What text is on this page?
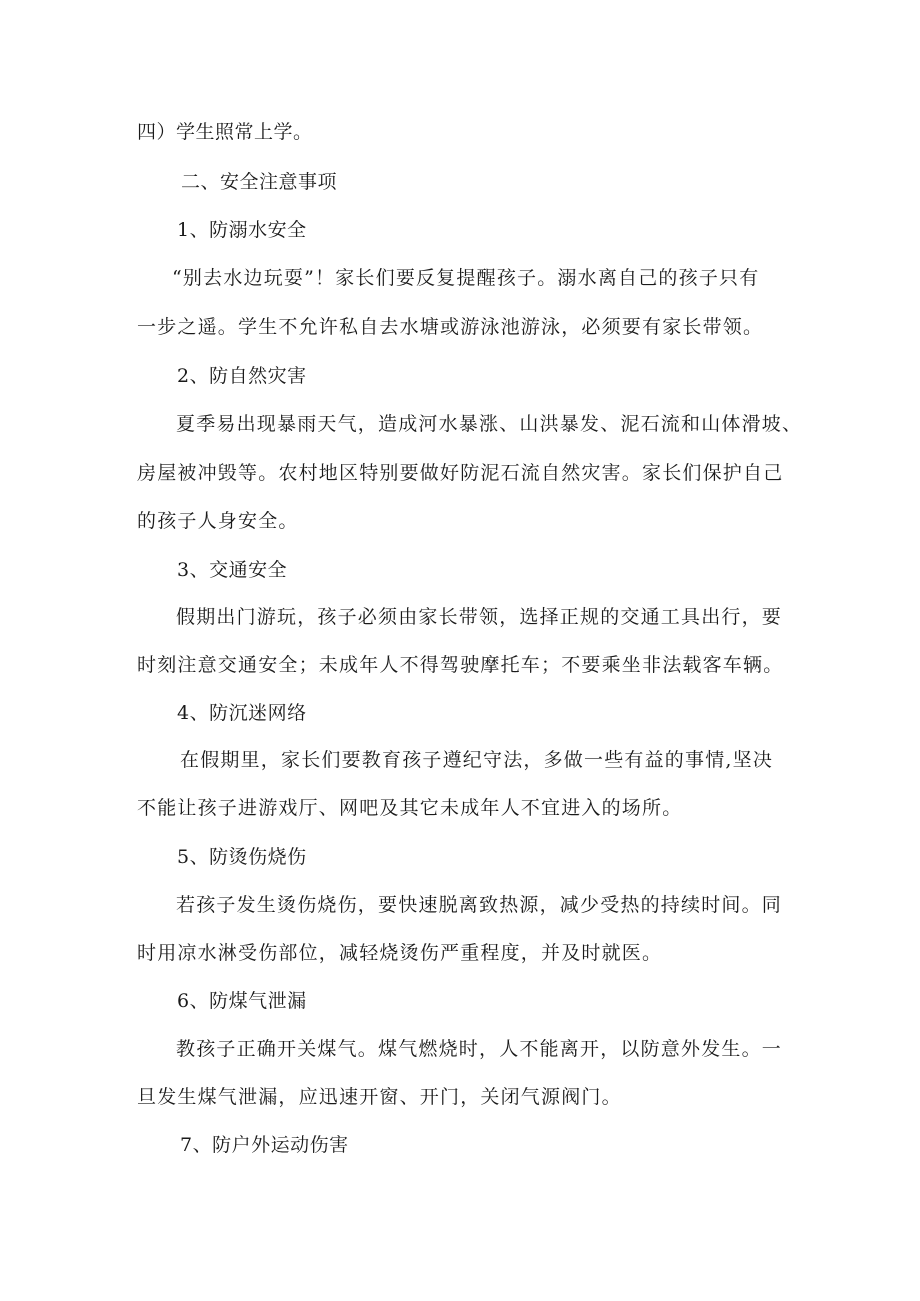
四）学生照常上学。
二、安全注意事项
1、防溺水安全
“别去水边玩耍”！家长们要反复提醒孩子。溺水离自己的孩子只有
一步之遥。学生不允许私自去水塘或游泳池游泳，必须要有家长带领。
2、防自然灾害
夏季易出现暴雨天气，造成河水暴涨、山洪暴发、泥石流和山体滑坡、
房屋被冲毁等。农村地区特别要做好防泥石流自然灾害。家长们保护自己
的孩子人身安全。
3、交通安全
假期出门游玩，孩子必须由家长带领，选择正规的交通工具出行，要
时刻注意交通安全；未成年人不得驾驶摩托车；不要乘坐非法载客车辆。
4、防沉迷网络
在假期里，家长们要教育孩子遵纪守法，多做一些有益的事情,坚决
不能让孩子进游戏厅、网吧及其它未成年人不宜进入的场所。
5、防烫伤烧伤
若孩子发生烫伤烧伤，要快速脱离致热源，减少受热的持续时间。同
时用凉水淋受伤部位，减轻烧烫伤严重程度，并及时就医。
6、防煤气泄漏
教孩子正确开关煤气。煤气燃烧时，人不能离开，以防意外发生。一
旦发生煤气泄漏，应迅速开窗、开门，关闭气源阀门。
7、防户外运动伤害
